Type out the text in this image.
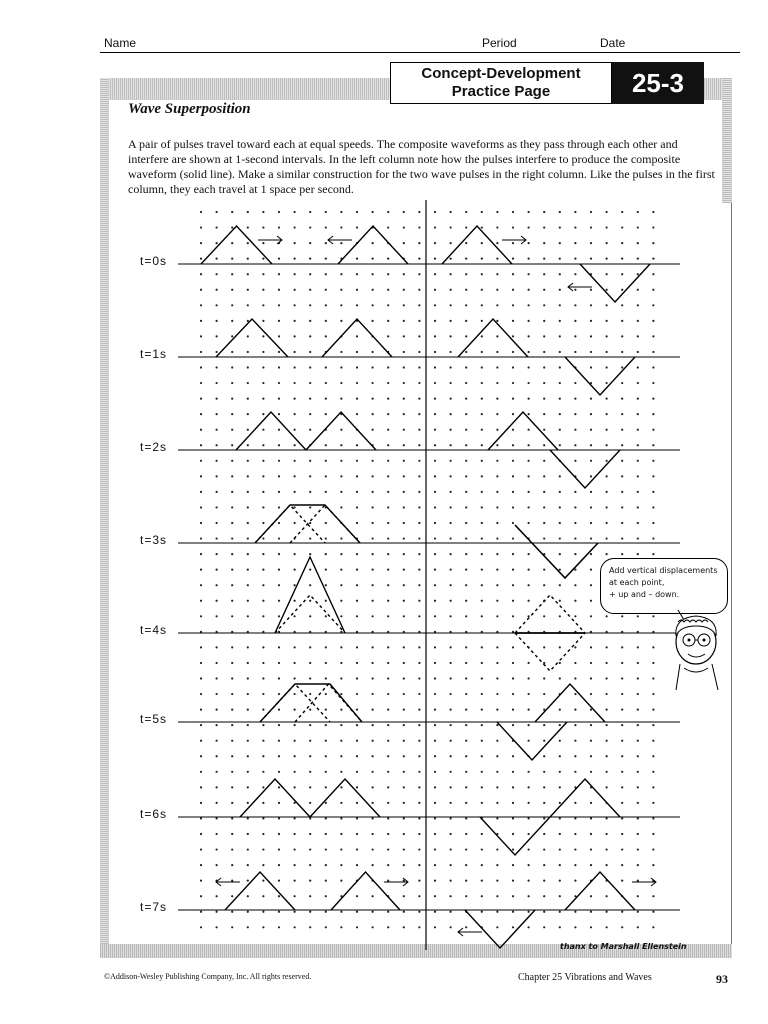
Name	Period	Date
Concept-Development
Practice Page	25-3
Wave Superposition
A pair of pulses travel toward each at equal speeds. The composite waveforms as they pass through each other and interfere are shown at 1-second intervals. In the left column note how the pulses interfere to produce the composite waveform (solid line). Make a similar construction for the two wave pulses in the right column. Like the pulses in the first column, they each travel at 1 space per second.
t=0s
t=1s
t=2s
t=3s
t=4s
t=5s
t=6s
t=7s
Add vertical displacements
at each point,
+ up and – down.
thanx to Marshall Ellenstein
©Addison-Wesley Publishing Company, Inc. All rights reserved.	Chapter 25 Vibrations and Waves	93
